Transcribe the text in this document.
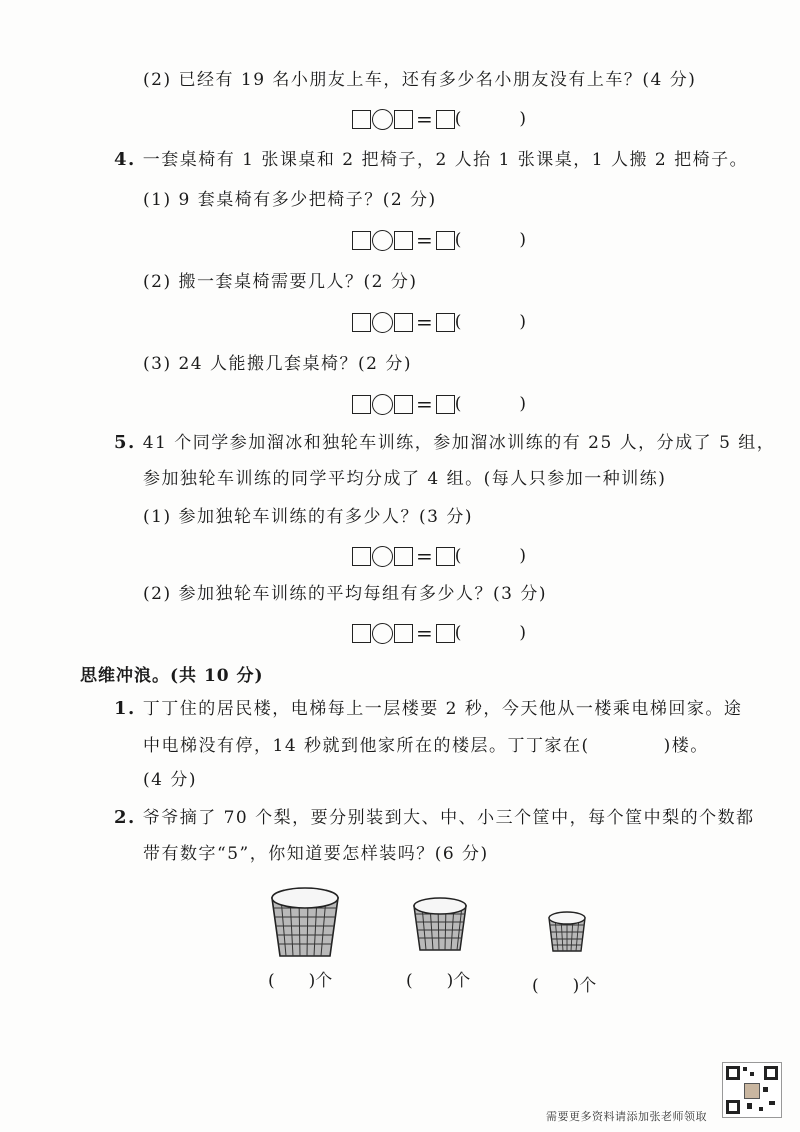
(2) 已经有 19 名小朋友上车，还有多少名小朋友没有上车？(4 分)
= (	)
4. 一套桌椅有 1 张课桌和 2 把椅子，2 人抬 1 张课桌，1 人搬 2 把椅子。
(1) 9 套桌椅有多少把椅子？(2 分)
= (	)
(2) 搬一套桌椅需要几人？(2 分)
= (	)
(3) 24 人能搬几套桌椅？(2 分)
= (	)
5. 41 个同学参加溜冰和独轮车训练，参加溜冰训练的有 25 人，分成了 5 组，
参加独轮车训练的同学平均分成了 4 组。(每人只参加一种训练)
(1) 参加独轮车训练的有多少人？(3 分)
= (	)
(2) 参加独轮车训练的平均每组有多少人？(3 分)
= (	)
思维冲浪。(共 10 分)
1. 丁丁住的居民楼，电梯每上一层楼要 2 秒，今天他从一楼乘电梯回家。途
中电梯没有停，14 秒就到他家所在的楼层。丁丁家在(　　　　)楼。
(4 分)
2. 爷爷摘了 70 个梨，要分别装到大、中、小三个筐中，每个筐中梨的个数都
带有数字“5”，你知道要怎样装吗？(6 分)
(　　)个	(　　)个	(　　)个
需要更多资料请添加张老师领取
